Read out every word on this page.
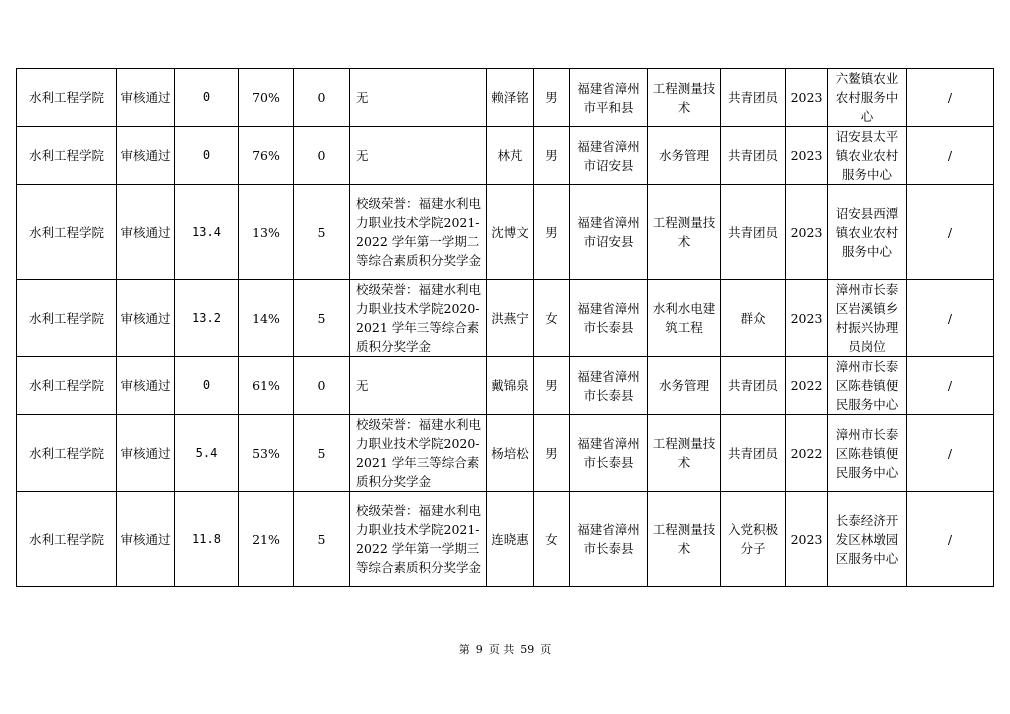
水利工程学院	审核通过	0	70%	0	无	赖泽铭	男	福建省漳州市平和县	工程测量技术	共青团员	2023	六鳌镇农业农村服务中心	/
水利工程学院	审核通过	0	76%	0	无	林芃	男	福建省漳州市诏安县	水务管理	共青团员	2023	诏安县太平镇农业农村服务中心	/
水利工程学院	审核通过	13.4	13%	5	校级荣誉：福建水利电力职业技术学院2021-2022 学年第一学期二等综合素质积分奖学金	沈博文	男	福建省漳州市诏安县	工程测量技术	共青团员	2023	诏安县西潭镇农业农村服务中心	/
水利工程学院	审核通过	13.2	14%	5	校级荣誉：福建水利电力职业技术学院2020-2021 学年三等综合素质积分奖学金	洪燕宁	女	福建省漳州市长泰县	水利水电建筑工程	群众	2023	漳州市长泰区岩溪镇乡村振兴协理员岗位	/
水利工程学院	审核通过	0	61%	0	无	戴锦泉	男	福建省漳州市长泰县	水务管理	共青团员	2022	漳州市长泰区陈巷镇便民服务中心	/
水利工程学院	审核通过	5.4	53%	5	校级荣誉：福建水利电力职业技术学院2020-2021 学年三等综合素质积分奖学金	杨培松	男	福建省漳州市长泰县	工程测量技术	共青团员	2022	漳州市长泰区陈巷镇便民服务中心	/
水利工程学院	审核通过	11.8	21%	5	校级荣誉：福建水利电力职业技术学院2021-2022 学年第一学期三等综合素质积分奖学金	连晓惠	女	福建省漳州市长泰县	工程测量技术	入党积极分子	2023	长泰经济开发区林墩园区服务中心	/
第 9 页 共 59 页
